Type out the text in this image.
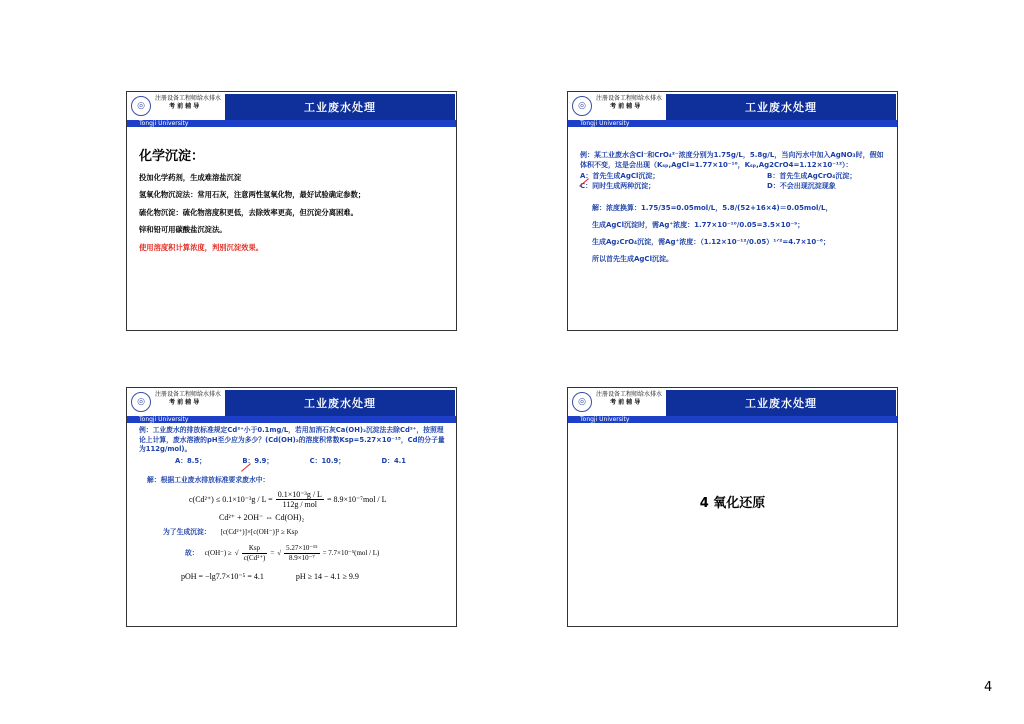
◎
注册设备工程师给水排水
考 前 辅 导	工业废水处理
Tongji University
化学沉淀：
投加化学药剂，生成难溶盐沉淀
氢氧化物沉淀法：常用石灰，注意两性氢氧化物，最好试验确定参数；
硫化物沉淀：硫化物溶度积更低，去除效率更高，但沉淀分离困难。
锌和铅可用碳酸盐沉淀法。
使用溶度积计算浓度，判别沉淀效果。
◎
注册设备工程师给水排水
考 前 辅 导	工业废水处理
Tongji University
例：某工业废水含Cl⁻和CrO₄²⁻浓度分别为1.75g/L，5.8g/L，当向污水中加入AgNO₃时，假如体积不变，这是会出现（Kₛₚ,AgCl=1.77×10⁻¹⁰，Kₛₚ,Ag2CrO4=1.12×10⁻¹²）：
A：首先生成AgCl沉淀；	B：首先生成AgCrO₄沉淀；
C：同时生成两种沉淀；	D：不会出现沉淀现象
解：浓度换算：1.75/35=0.05mol/L，5.8/(52+16×4)＝0.05mol/L，
生成AgCl沉淀时，需Ag⁺浓度：1.77×10⁻¹⁰/0.05=3.5×10⁻⁹；
生成Ag₂CrO₄沉淀，需Ag⁺浓度：（1.12×10⁻¹²/0.05）¹ᐟ²=4.7×10⁻⁶；
所以首先生成AgCl沉淀。
◎
注册设备工程师给水排水
考 前 辅 导	工业废水处理
Tongji University
例：工业废水的排放标准规定Cd²⁺小于0.1mg/L，若用加消石灰Ca(OH)₂沉淀法去除Cd²⁺，按照理论上计算，废水溶液的pH至少应为多少？(Cd(OH)₂的溶度积常数Ksp=5.27×10⁻¹⁵，Cd的分子量为112g/mol)。
A：8.5；	B：9.9；	C：10.9；	D：4.1
解：根据工业废水排放标准要求废水中：
$c(Cd^{2+}) \le 0.1\times 10^{-3}g / L = \frac{\text{0.1×10⁻³g / L}}{\text{112g / mol}} = 8.9\times 10^{-7}mol / L$
Cd²⁺ + 2OH⁻ ⇔ Cd(OH)₂
为了生成沉淀： [c(Cd²⁺)]×[c(OH⁻)]² ≥ Ksp
故： c(OH⁻) ≥ √ $\frac{\text{Ksp}}{\text{c(Cd²⁺)}}$ = √ $\frac{\text{5.27×10⁻¹⁵}}{\text{8.9×10⁻⁷}} = 7.7\times 10^{-5}(mol / L)$
pOH = −lg7.7×10⁻⁵ = 4.1	pH ≥ 14 − 4.1 ≥ 9.9
◎
注册设备工程师给水排水
考 前 辅 导	工业废水处理
Tongji University
4 氧化还原
4
